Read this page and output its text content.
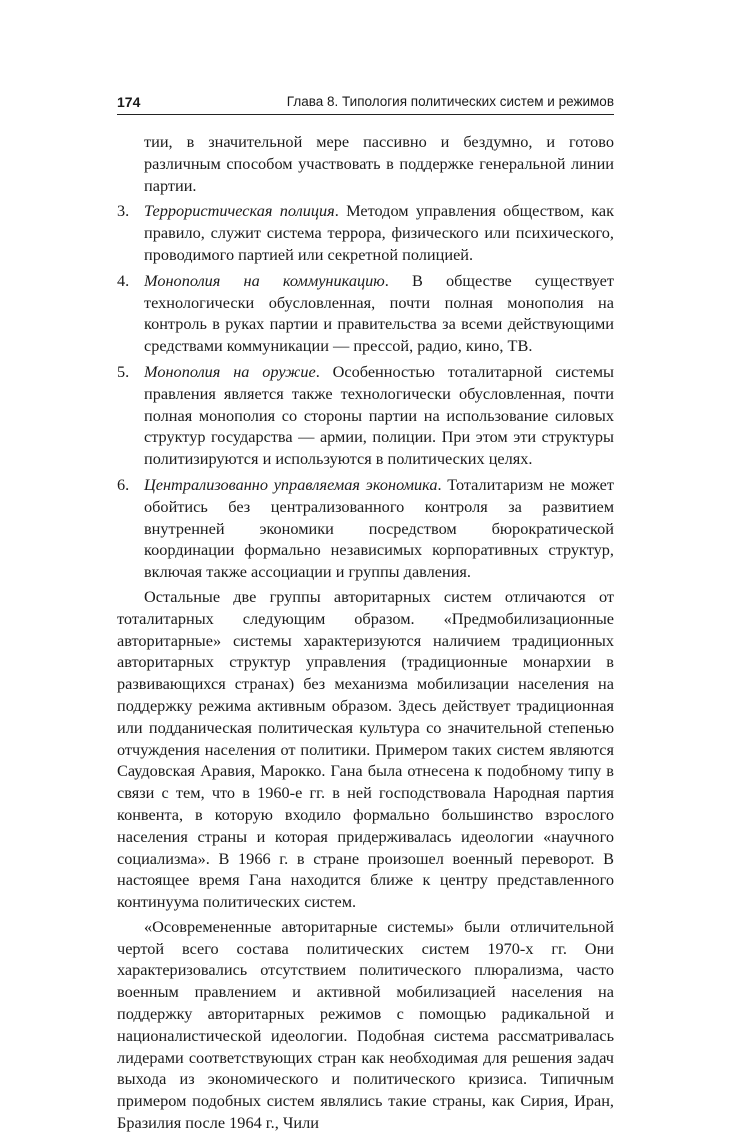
174	Глава 8. Типология политических систем и режимов

тии, в значительной мере пассивно и бездумно, и готово различным способом участвовать в поддержке генеральной линии партии.

3. Террористическая полиция. Методом управления обществом, как правило, служит система террора, физического или психического, проводимого партией или секретной полицией.
4. Монополия на коммуникацию. В обществе существует технологически обусловленная, почти полная монополия на контроль в руках партии и правительства за всеми действующими средствами коммуникации — прессой, радио, кино, ТВ.
5. Монополия на оружие. Особенностью тоталитарной системы правления является также технологически обусловленная, почти полная монополия со стороны партии на использование силовых структур государства — армии, полиции. При этом эти структуры политизируются и используются в политических целях.
6. Централизованно управляемая экономика. Тоталитаризм не может обойтись без централизованного контроля за развитием внутренней экономики посредством бюрократической координации формально независимых корпоративных структур, включая также ассоциации и группы давления.

Остальные две группы авторитарных систем отличаются от тоталитарных следующим образом. «Предмобилизационные авторитарные» системы характеризуются наличием традиционных авторитарных структур управления (традиционные монархии в развивающихся странах) без механизма мобилизации населения на поддержку режима активным образом. Здесь действует традиционная или подданическая политическая культура со значительной степенью отчуждения населения от политики. Примером таких систем являются Саудовская Аравия, Марокко. Гана была отнесена к подобному типу в связи с тем, что в 1960-е гг. в ней господствовала Народная партия конвента, в которую входило формально большинство взрослого населения страны и которая придерживалась идеологии «научного социализма». В 1966 г. в стране произошел военный переворот. В настоящее время Гана находится ближе к центру представленного континуума политических систем.

«Осовремененные авторитарные системы» были отличительной чертой всего состава политических систем 1970-х гг. Они характеризовались отсутствием политического плюрализма, часто военным правлением и активной мобилизацией населения на поддержку авторитарных режимов с помощью радикальной и националистической идеологии. Подобная система рассматривалась лидерами соответствующих стран как необходимая для решения задач выхода из экономического и политического кризиса. Типичным примером подобных систем являлись такие страны, как Сирия, Иран, Бразилия после 1964 г., Чили
